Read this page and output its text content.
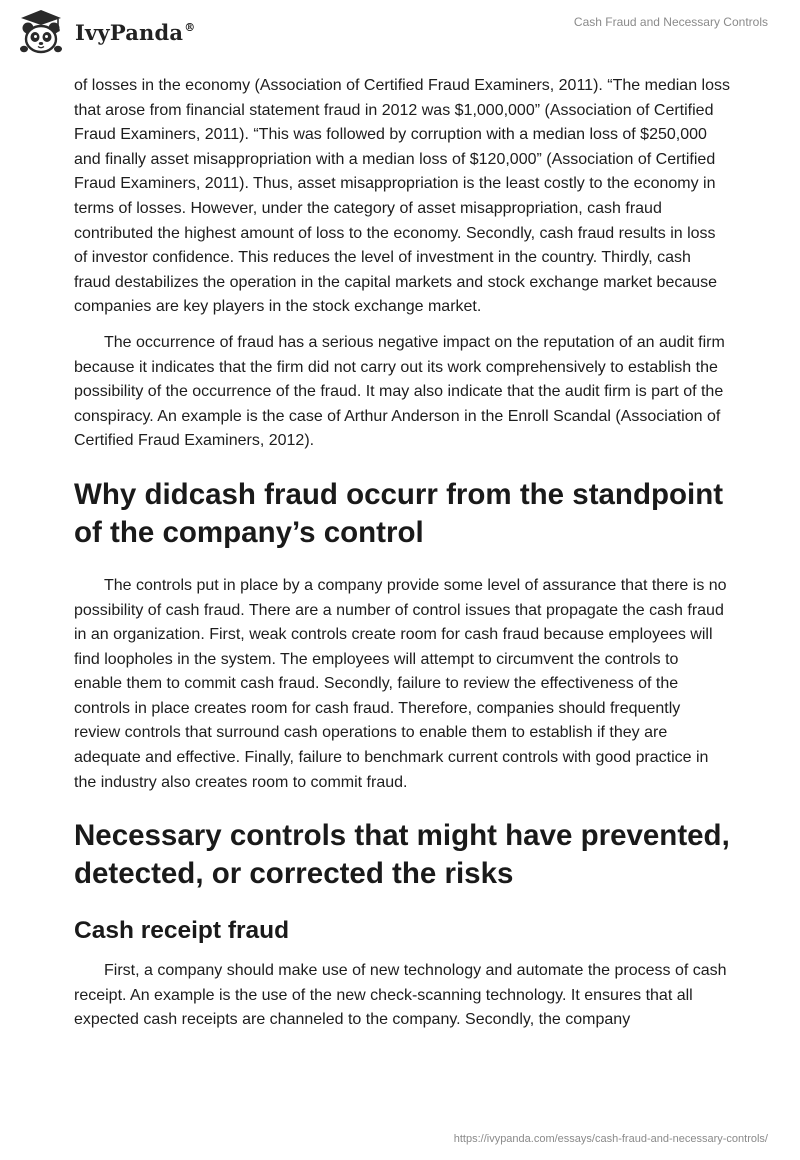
IvyPanda®	Cash Fraud and Necessary Controls

of losses in the economy (Association of Certified Fraud Examiners, 2011). “The median loss that arose from financial statement fraud in 2012 was $1,000,000” (Association of Certified Fraud Examiners, 2011). “This was followed by corruption with a median loss of $250,000 and finally asset misappropriation with a median loss of $120,000” (Association of Certified Fraud Examiners, 2011). Thus, asset misappropriation is the least costly to the economy in terms of losses. However, under the category of asset misappropriation, cash fraud contributed the highest amount of loss to the economy. Secondly, cash fraud results in loss of investor confidence. This reduces the level of investment in the country. Thirdly, cash fraud destabilizes the operation in the capital markets and stock exchange market because companies are key players in the stock exchange market.

The occurrence of fraud has a serious negative impact on the reputation of an audit firm because it indicates that the firm did not carry out its work comprehensively to establish the possibility of the occurrence of the fraud. It may also indicate that the audit firm is part of the conspiracy. An example is the case of Arthur Anderson in the Enroll Scandal (Association of Certified Fraud Examiners, 2012).

Why didcash fraud occurr from the standpoint of the company’s control

The controls put in place by a company provide some level of assurance that there is no possibility of cash fraud. There are a number of control issues that propagate the cash fraud in an organization. First, weak controls create room for cash fraud because employees will find loopholes in the system. The employees will attempt to circumvent the controls to enable them to commit cash fraud. Secondly, failure to review the effectiveness of the controls in place creates room for cash fraud. Therefore, companies should frequently review controls that surround cash operations to enable them to establish if they are adequate and effective. Finally, failure to benchmark current controls with good practice in the industry also creates room to commit fraud.

Necessary controls that might have prevented, detected, or corrected the risks
Cash receipt fraud

First, a company should make use of new technology and automate the process of cash receipt. An example is the use of the new check-scanning technology. It ensures that all expected cash receipts are channeled to the company. Secondly, the company

https://ivypanda.com/essays/cash-fraud-and-necessary-controls/
